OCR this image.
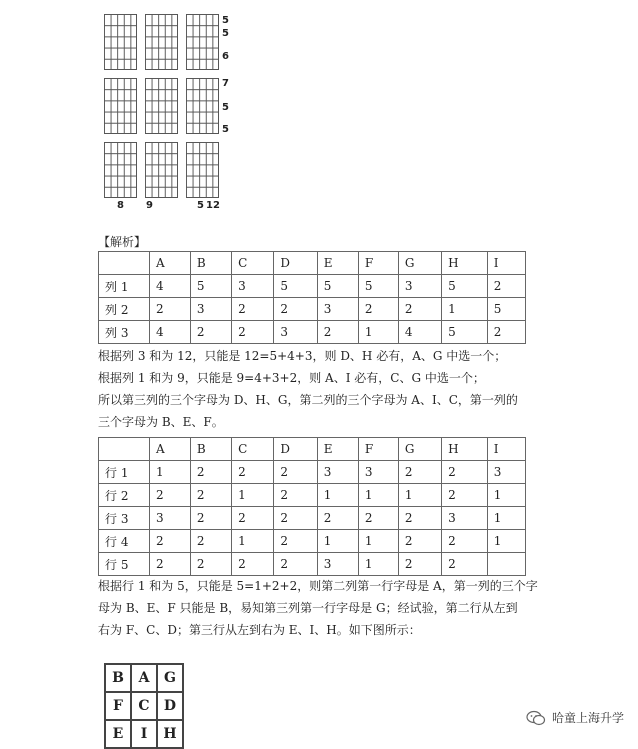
5
5
6
7
5
5
8 9	5 12
【解析】
	A	B	C	D	E	F	G	H	I
列 1	4	5	3	5	5	5	3	5	2
列 2	2	3	2	2	3	2	2	1	5
列 3	4	2	2	3	2	1	4	5	2
根据列 3 和为 12，只能是 12=5+4+3，则 D、H 必有，A、G 中选一个；
根据列 1 和为 9，只能是 9=4+3+2，则 A、I 必有，C、G 中选一个；
所以第三列的三个字母为 D、H、G，第二列的三个字母为 A、I、C，第一列的
三个字母为 B、E、F。
	A	B	C	D	E	F	G	H	I
行 1	1	2	2	2	3	3	2	2	3
行 2	2	2	1	2	1	1	1	2	1
行 3	3	2	2	2	2	2	2	3	1
行 4	2	2	1	2	1	1	2	2	1
行 5	2	2	2	2	3	1	2	2	
根据行 1 和为 5，只能是 5=1+2+2，则第二列第一行字母是 A，第一列的三个字
母为 B、E、F 只能是 B，易知第三列第一行字母是 G；经试验，第二行从左到
右为 F、C、D；第三行从左到右为 E、I、H。如下图所示：
B	A	G
F	C	D
E	I	H
哈童上海升学
